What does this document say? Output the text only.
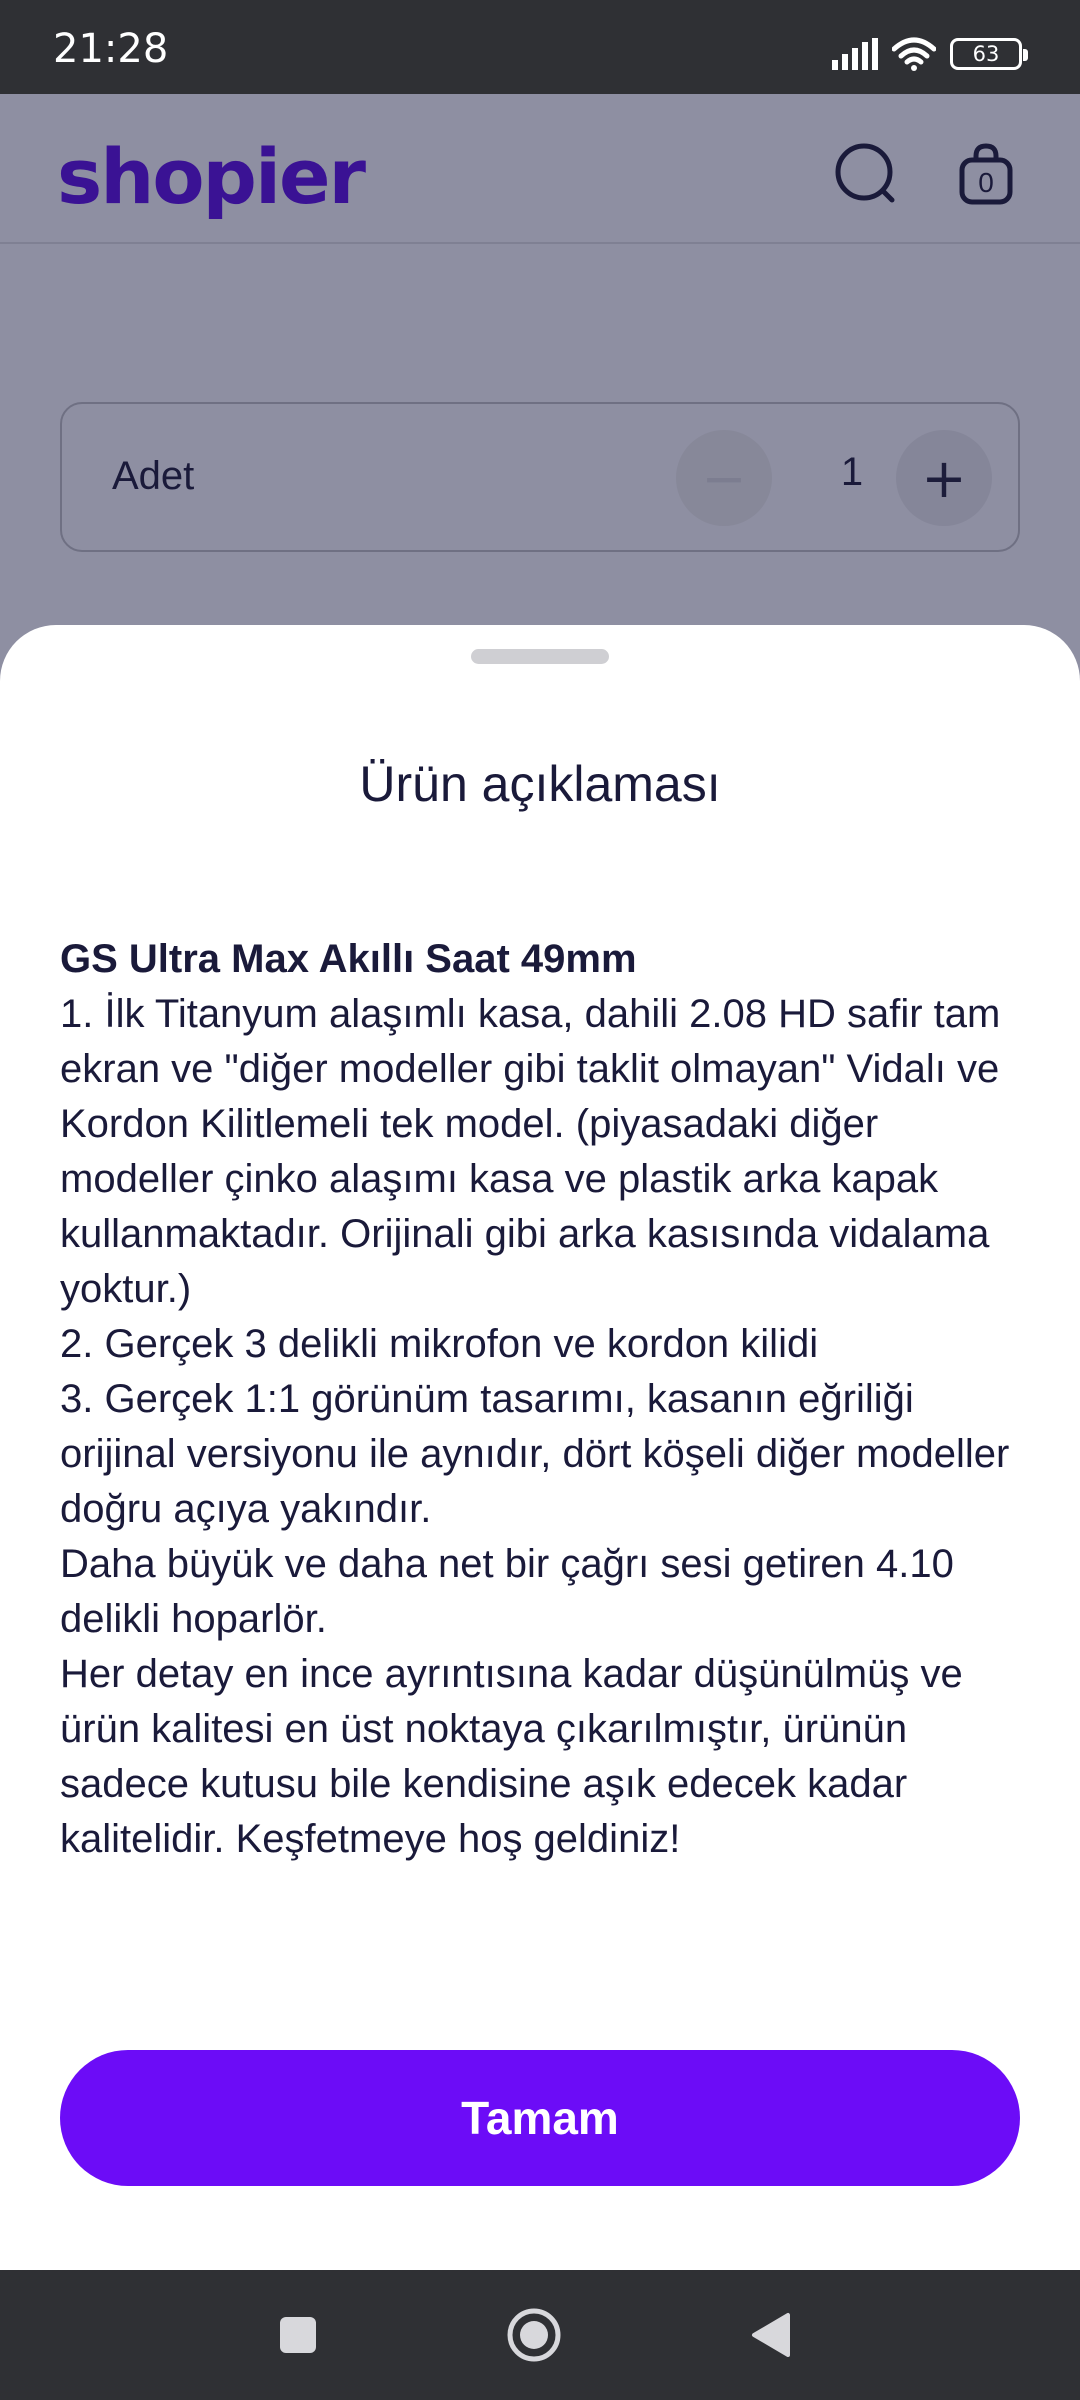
21:28	63
shopier	0
Adet	−	1	+
Ürün açıklaması
GS Ultra Max Akıllı Saat 49mm

1. İlk Titanyum alaşımlı kasa, dahili 2.08 HD safir tam ekran ve "diğer modeller gibi taklit olmayan" Vidalı ve Kordon Kilitlemeli tek model. (piyasadaki diğer modeller çinko alaşımı kasa ve plastik arka kapak kullanmaktadır. Orijinali gibi arka kasısında vidalama yoktur.)

2. Gerçek 3 delikli mikrofon ve kordon kilidi

3. Gerçek 1:1 görünüm tasarımı, kasanın eğriliği orijinal versiyonu ile aynıdır, dört köşeli diğer modeller doğru açıya yakındır.

Daha büyük ve daha net bir çağrı sesi getiren 4.10 delikli hoparlör.

Her detay en ince ayrıntısına kadar düşünülmüş ve ürün kalitesi en üst noktaya çıkarılmıştır, ürünün sadece kutusu bile kendisine aşık edecek kadar kalitelidir. Keşfetmeye hoş geldiniz!

Tamam
